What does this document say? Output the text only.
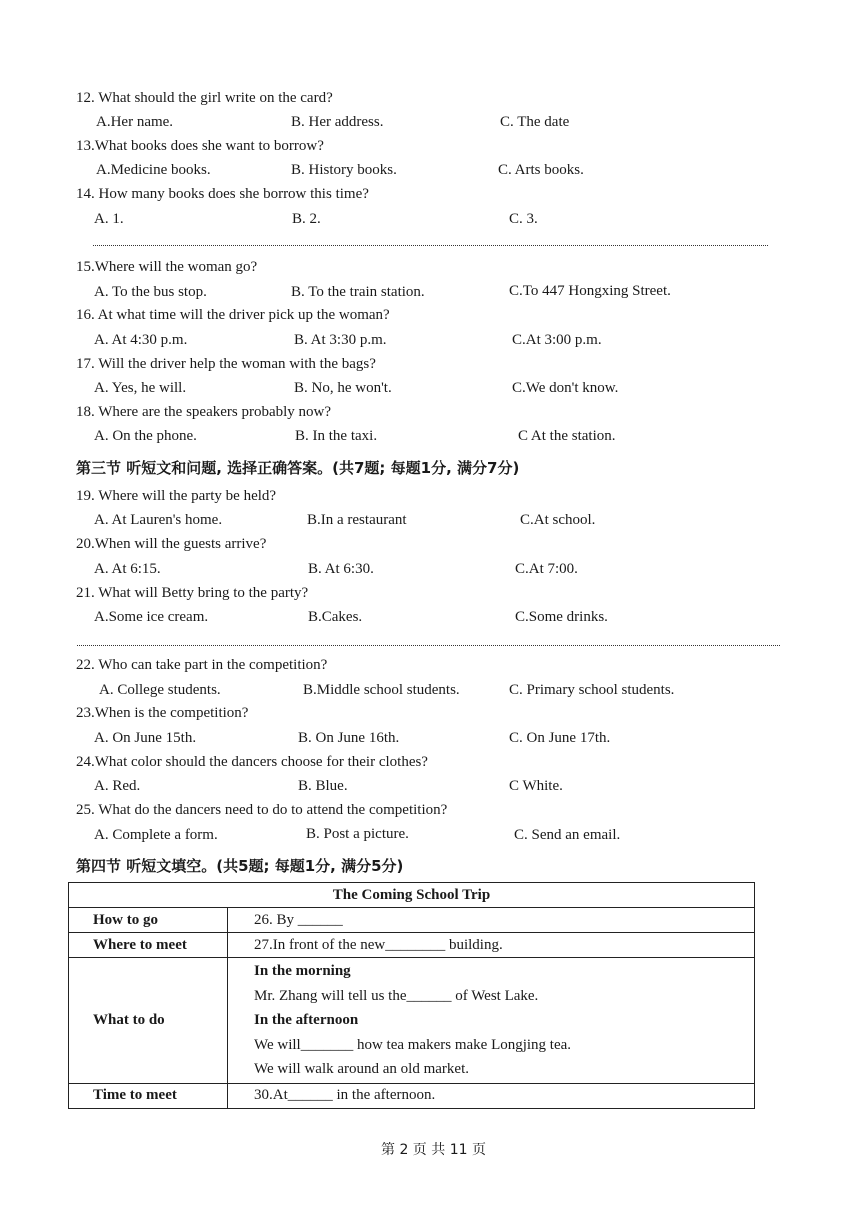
12. What should the girl write on the card?
A.Her name.	B. Her address.	C. The date
13.What books does she want to borrow?
A.Medicine books.	B. History books.	C. Arts books.
14. How many books does she borrow this time?
A. 1.	B. 2.	C. 3.
15.Where will the woman go?
A. To the bus stop.	B. To the train station.	C.To 447 Hongxing Street.
16. At what time will the driver pick up the woman?
A. At 4:30 p.m.	B. At 3:30 p.m.	C.At 3:00 p.m.
17. Will the driver help the woman with the bags?
A. Yes, he will.	B. No, he won't.	C.We don't know.
18. Where are the speakers probably now?
A. On the phone.	B. In the taxi.	C At the station.
第三节 听短文和问题, 选择正确答案。(共7题; 每题1分, 满分7分)
19. Where will the party be held?
A. At Lauren's home.	B.In a restaurant	C.At school.
20.When will the guests arrive?
A. At 6:15.	B. At 6:30.	C.At 7:00.
21. What will Betty bring to the party?
A.Some ice cream.	B.Cakes.	C.Some drinks.
22. Who can take part in the competition?
A. College students.	B.Middle school students.	C. Primary school students.
23.When is the competition?
A. On June 15th.	B. On June 16th.	C. On June 17th.
24.What color should the dancers choose for their clothes?
A. Red.	B. Blue.	C White.
25. What do the dancers need to do to attend the competition?
A. Complete a form.	B. Post a picture.	C. Send an email.
第四节 听短文填空。(共5题; 每题1分, 满分5分)
The Coming School Trip	
How to go	26. By ______
Where to meet	27.In front of the new________ building.
What to do	In the morning
Mr. Zhang will tell us the______ of West Lake.
In the afternoon
We will_______ how tea makers make Longjing tea.
We will walk around an old market.

Time to meet	30.At______ in the afternoon.
第 2 页 共 11 页
